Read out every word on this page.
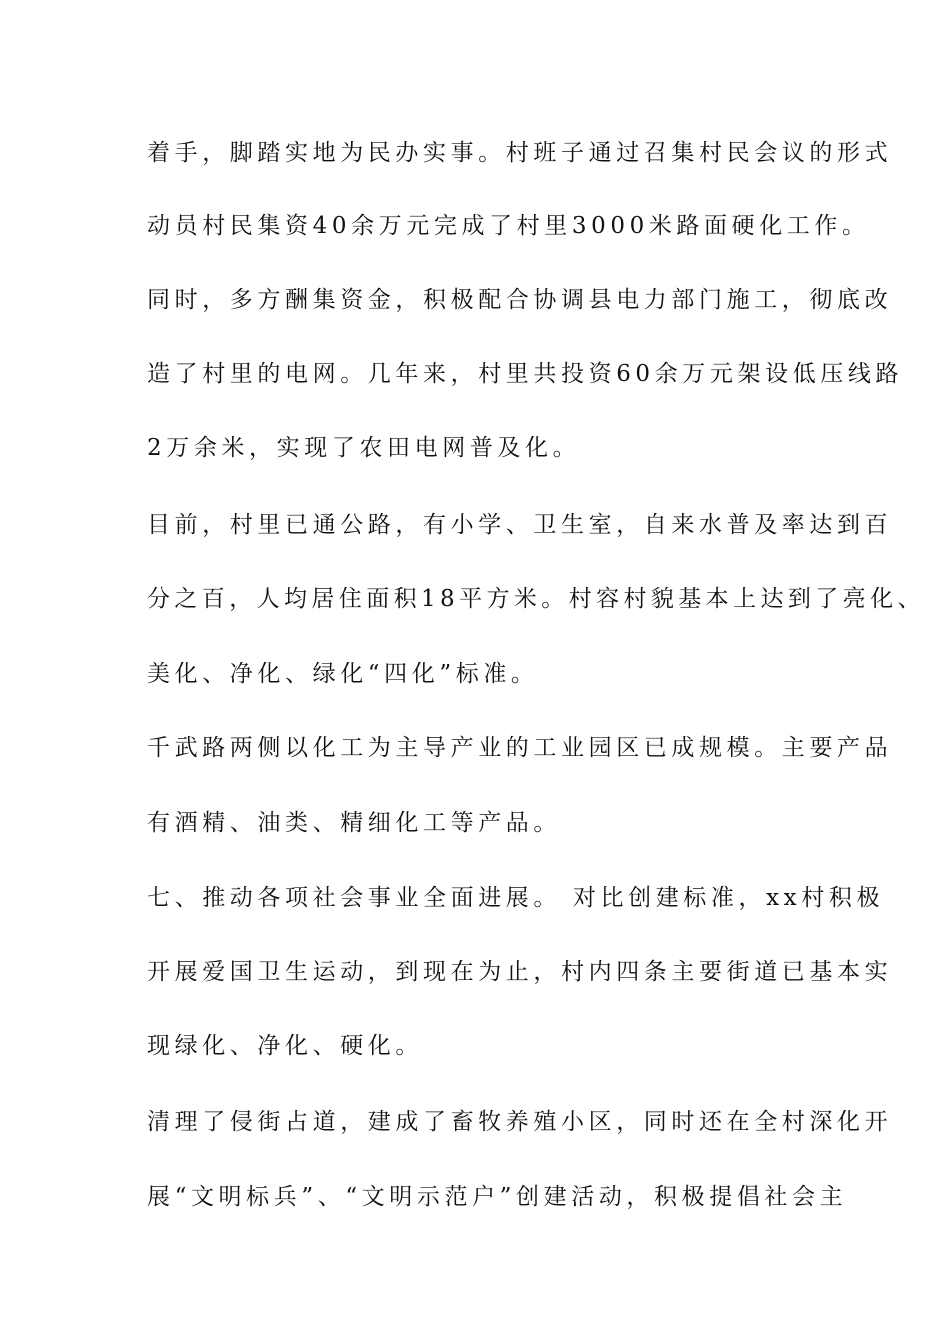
着手，脚踏实地为民办实事。村班子通过召集村民会议的形式
动员村民集资40余万元完成了村里3000米路面硬化工作。
同时，多方酬集资金，积极配合协调县电力部门施工，彻底改
造了村里的电网。几年来，村里共投资60余万元架设低压线路
2万余米，实现了农田电网普及化。
目前，村里已通公路，有小学、卫生室，自来水普及率达到百
分之百，人均居住面积18平方米。村容村貌基本上达到了亮化、
美化、净化、绿化“四化”标准。
千武路两侧以化工为主导产业的工业园区已成规模。主要产品
有酒精、油类、精细化工等产品。
七、推动各项社会事业全面进展。 对比创建标准，xx村积极
开展爱国卫生运动，到现在为止，村内四条主要街道已基本实
现绿化、净化、硬化。
清理了侵街占道，建成了畜牧养殖小区，同时还在全村深化开
展“文明标兵”、“文明示范户”创建活动，积极提倡社会主
